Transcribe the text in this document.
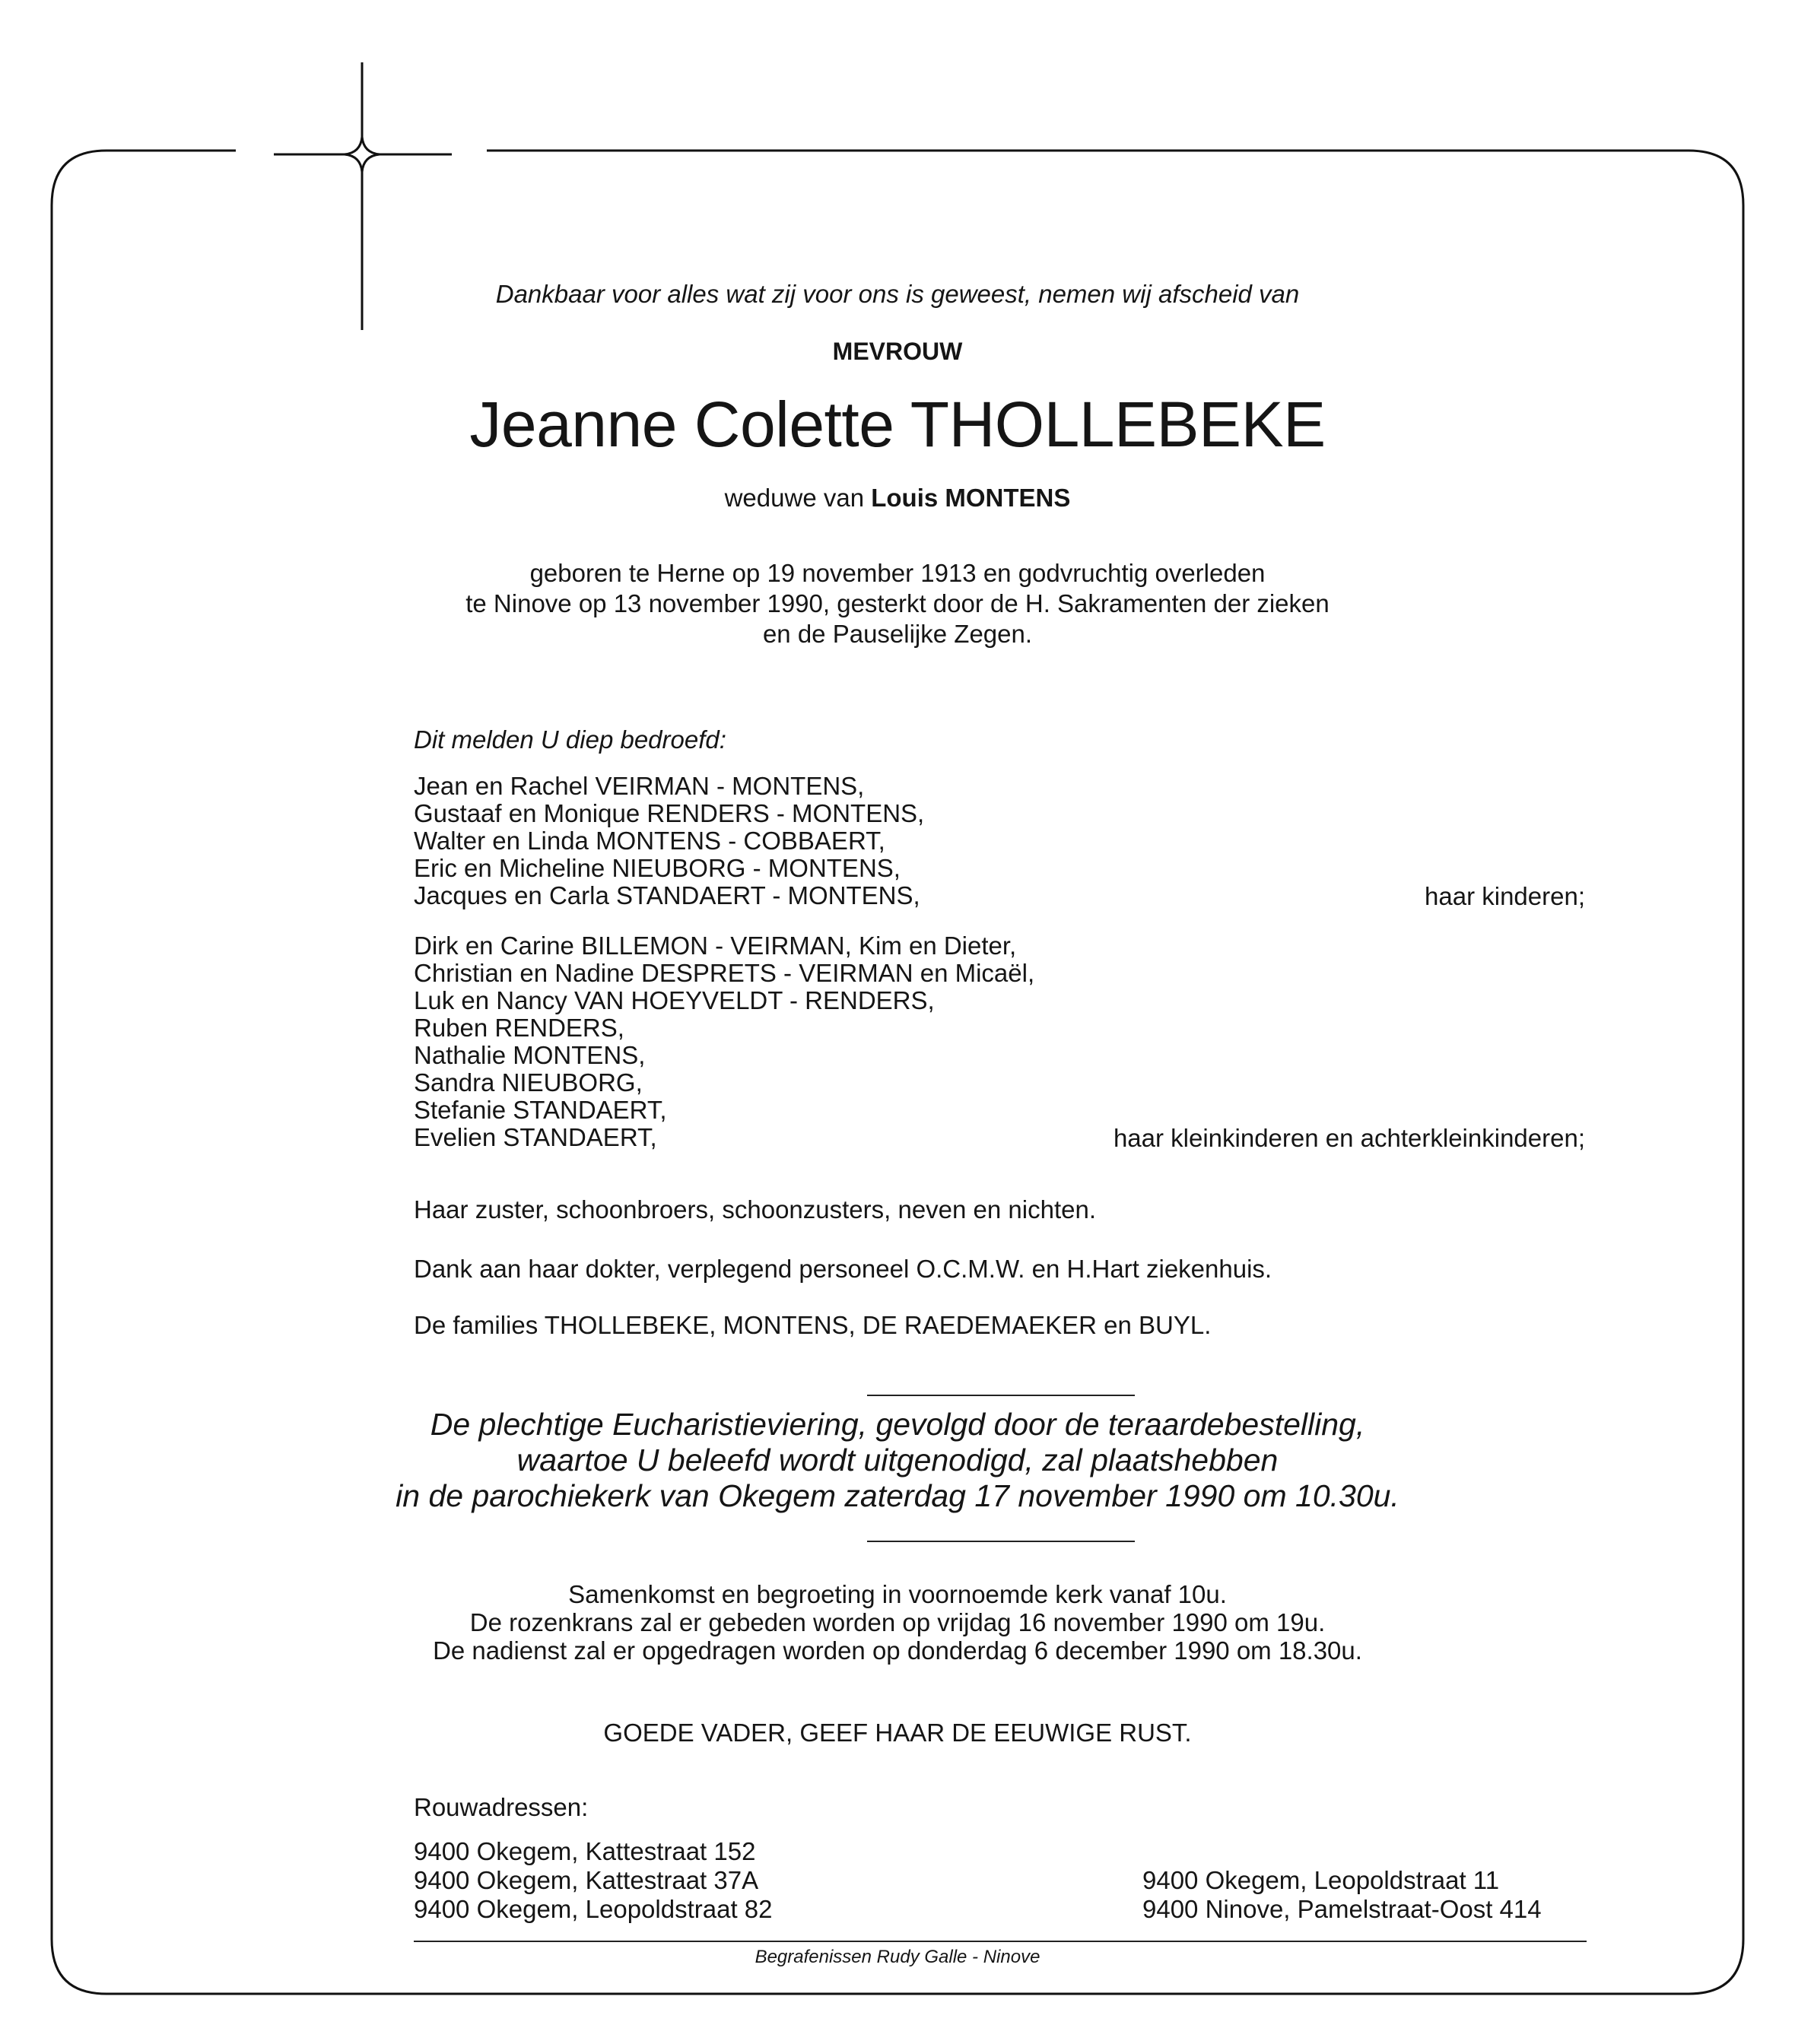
Dankbaar voor alles wat zij voor ons is geweest, nemen wij afscheid van
MEVROUW
Jeanne Colette THOLLEBEKE
weduwe van Louis MONTENS
geboren te Herne op 19 november 1913 en godvruchtig overleden
te Ninove op 13 november 1990, gesterkt door de H. Sakramenten der zieken
en de Pauselijke Zegen.
Dit melden U diep bedroefd:
Jean en Rachel VEIRMAN - MONTENS,
Gustaaf en Monique RENDERS - MONTENS,
Walter en Linda MONTENS - COBBAERT,
Eric en Micheline NIEUBORG - MONTENS,
Jacques en Carla STANDAERT - MONTENS,	haar kinderen;
Dirk en Carine BILLEMON - VEIRMAN, Kim en Dieter,
Christian en Nadine DESPRETS - VEIRMAN en Micaël,
Luk en Nancy VAN HOEYVELDT - RENDERS,
Ruben RENDERS,
Nathalie MONTENS,
Sandra NIEUBORG,
Stefanie STANDAERT,
Evelien STANDAERT,	haar kleinkinderen en achterkleinkinderen;
Haar zuster, schoonbroers, schoonzusters, neven en nichten.
Dank aan haar dokter, verplegend personeel O.C.M.W. en H.Hart ziekenhuis.
De families THOLLEBEKE, MONTENS, DE RAEDEMAEKER en BUYL.
De plechtige Eucharistieviering, gevolgd door de teraardebestelling,
waartoe U beleefd wordt uitgenodigd, zal plaatshebben
in de parochiekerk van Okegem zaterdag 17 november 1990 om 10.30u.
Samenkomst en begroeting in voornoemde kerk vanaf 10u.
De rozenkrans zal er gebeden worden op vrijdag 16 november 1990 om 19u.
De nadienst zal er opgedragen worden op donderdag 6 december 1990 om 18.30u.
GOEDE VADER, GEEF HAAR DE EEUWIGE RUST.
Rouwadressen:
9400 Okegem, Kattestraat 152
9400 Okegem, Kattestraat 37A
9400 Okegem, Leopoldstraat 82
9400 Okegem, Leopoldstraat 11
9400 Ninove, Pamelstraat-Oost 414
Begrafenissen Rudy Galle - Ninove
